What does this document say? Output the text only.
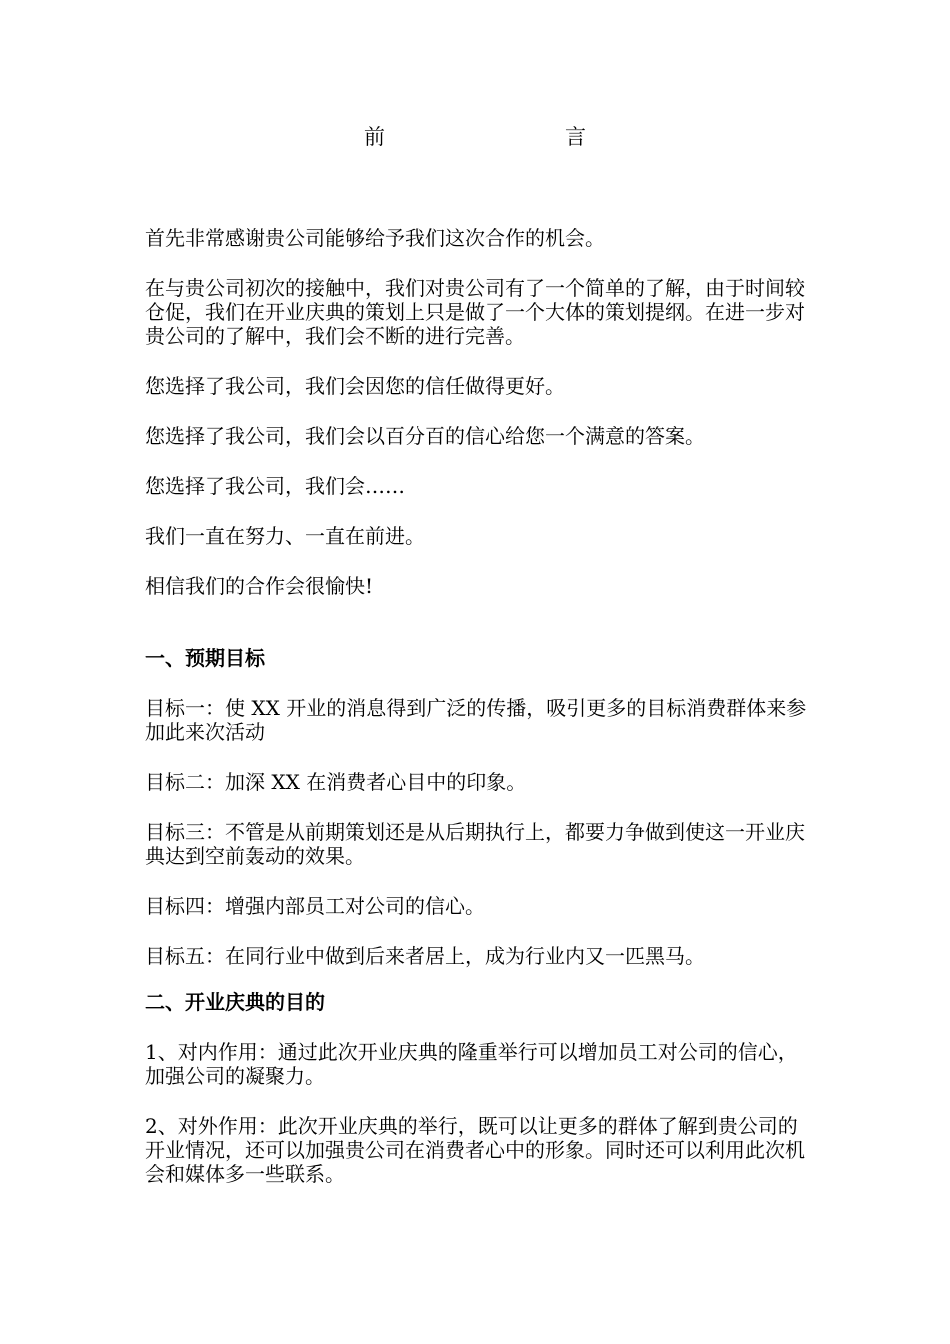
前　　言

首先非常感谢贵公司能够给予我们这次合作的机会。

在与贵公司初次的接触中，我们对贵公司有了一个简单的了解，由于时间较仓促，我们在开业庆典的策划上只是做了一个大体的策划提纲。在进一步对贵公司的了解中，我们会不断的进行完善。

您选择了我公司，我们会因您的信任做得更好。

您选择了我公司，我们会以百分百的信心给您一个满意的答案。

您选择了我公司，我们会……

我们一直在努力、一直在前进。

相信我们的合作会很愉快!

一、预期目标

目标一：使 XX 开业的消息得到广泛的传播，吸引更多的目标消费群体来参加此来次活动

目标二：加深 XX 在消费者心目中的印象。

目标三：不管是从前期策划还是从后期执行上，都要力争做到使这一开业庆典达到空前轰动的效果。

目标四：增强内部员工对公司的信心。

目标五：在同行业中做到后来者居上，成为行业内又一匹黑马。

二、开业庆典的目的

1、对内作用：通过此次开业庆典的隆重举行可以增加员工对公司的信心，加强公司的凝聚力。

2、对外作用：此次开业庆典的举行，既可以让更多的群体了解到贵公司的开业情况，还可以加强贵公司在消费者心中的形象。同时还可以利用此次机会和媒体多一些联系。
